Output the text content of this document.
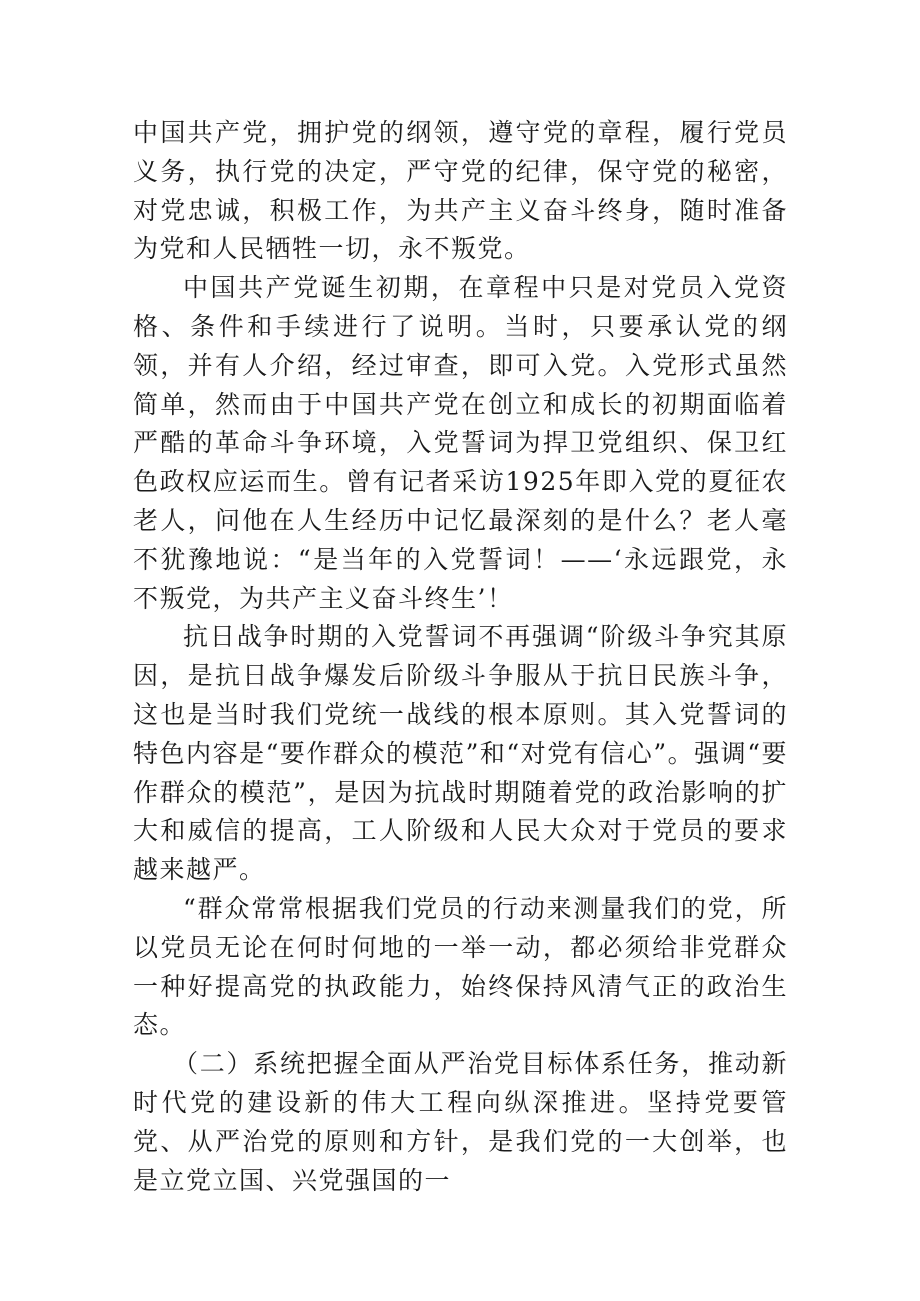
中国共产党，拥护党的纲领，遵守党的章程，履行党员义务，执行党的决定，严守党的纪律，保守党的秘密，对党忠诚，积极工作，为共产主义奋斗终身，随时准备为党和人民牺牲一切，永不叛党。

中国共产党诞生初期，在章程中只是对党员入党资格、条件和手续进行了说明。当时，只要承认党的纲领，并有人介绍，经过审查，即可入党。入党形式虽然简单，然而由于中国共产党在创立和成长的初期面临着严酷的革命斗争环境，入党誓词为捍卫党组织、保卫红色政权应运而生。曾有记者采访1925年即入党的夏征农老人，问他在人生经历中记忆最深刻的是什么？老人毫不犹豫地说：“是当年的入党誓词！——‘永远跟党，永不叛党，为共产主义奋斗终生’！

抗日战争时期的入党誓词不再强调“阶级斗争究其原因，是抗日战争爆发后阶级斗争服从于抗日民族斗争，这也是当时我们党统一战线的根本原则。其入党誓词的特色内容是“要作群众的模范”和“对党有信心”。强调“要作群众的模范”，是因为抗战时期随着党的政治影响的扩大和威信的提高，工人阶级和人民大众对于党员的要求越来越严。

“群众常常根据我们党员的行动来测量我们的党，所以党员无论在何时何地的一举一动，都必须给非党群众一种好提高党的执政能力，始终保持风清气正的政治生态。

（二）系统把握全面从严治党目标体系任务，推动新时代党的建设新的伟大工程向纵深推进。坚持党要管党、从严治党的原则和方针，是我们党的一大创举，也是立党立国、兴党强国的一
